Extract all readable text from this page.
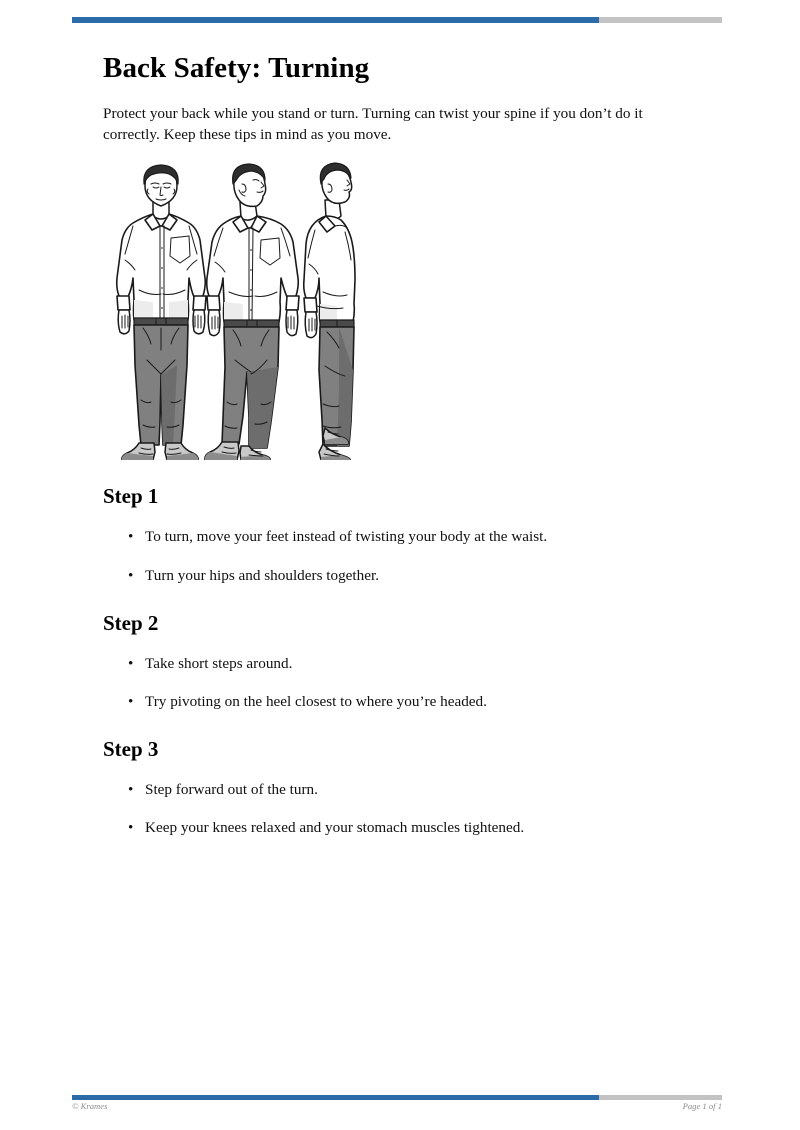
Back Safety: Turning

Protect your back while you stand or turn. Turning can twist your spine if you don’t do it correctly. Keep these tips in mind as you move.

Step 1
• To turn, move your feet instead of twisting your body at the waist.
• Turn your hips and shoulders together.
Step 2
• Take short steps around.
• Try pivoting on the heel closest to where you’re headed.
Step 3
• Step forward out of the turn.
• Keep your knees relaxed and your stomach muscles tightened.
© Krames	Page 1 of 1
